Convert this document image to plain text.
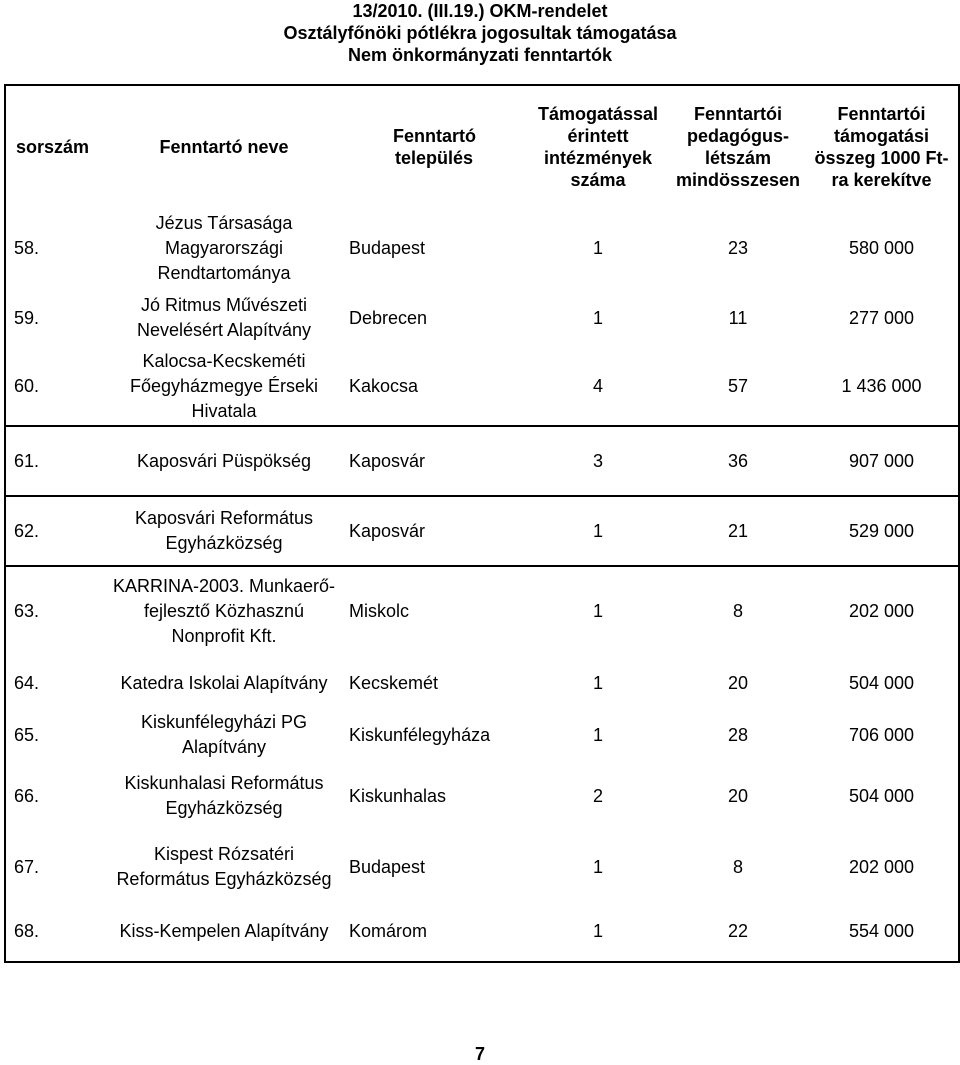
13/2010. (III.19.) OKM-rendelet
Osztályfőnöki pótlékra jogosultak támogatása
Nem önkormányzati fenntartók
sorszám	Fenntartó neve	Fenntartó település	Támogatással érintett intézmények száma	Fenntartói pedagógus-létszám mindösszesen	Fenntartói támogatási összeg 1000 Ft-ra kerekítve
58.	Jézus Társasága Magyarországi Rendtartománya	Budapest	1	23	580 000
59.	Jó Ritmus Művészeti Nevelésért Alapítvány	Debrecen	1	11	277 000
60.	Kalocsa-Kecskeméti Főegyházmegye Érseki Hivatala	Kakocsa	4	57	1 436 000
61.	Kaposvári Püspökség	Kaposvár	3	36	907 000
62.	Kaposvári Református Egyházközség	Kaposvár	1	21	529 000
63.	KARRINA-2003. Munkaerő-fejlesztő Közhasznú Nonprofit Kft.	Miskolc	1	8	202 000
64.	Katedra Iskolai Alapítvány	Kecskemét	1	20	504 000
65.	Kiskunfélegyházi PG Alapítvány	Kiskunfélegyháza	1	28	706 000
66.	Kiskunhalasi Református Egyházközség	Kiskunhalas	2	20	504 000
67.	Kispest Rózsatéri Református Egyházközség	Budapest	1	8	202 000
68.	Kiss-Kempelen Alapítvány	Komárom	1	22	554 000
7
